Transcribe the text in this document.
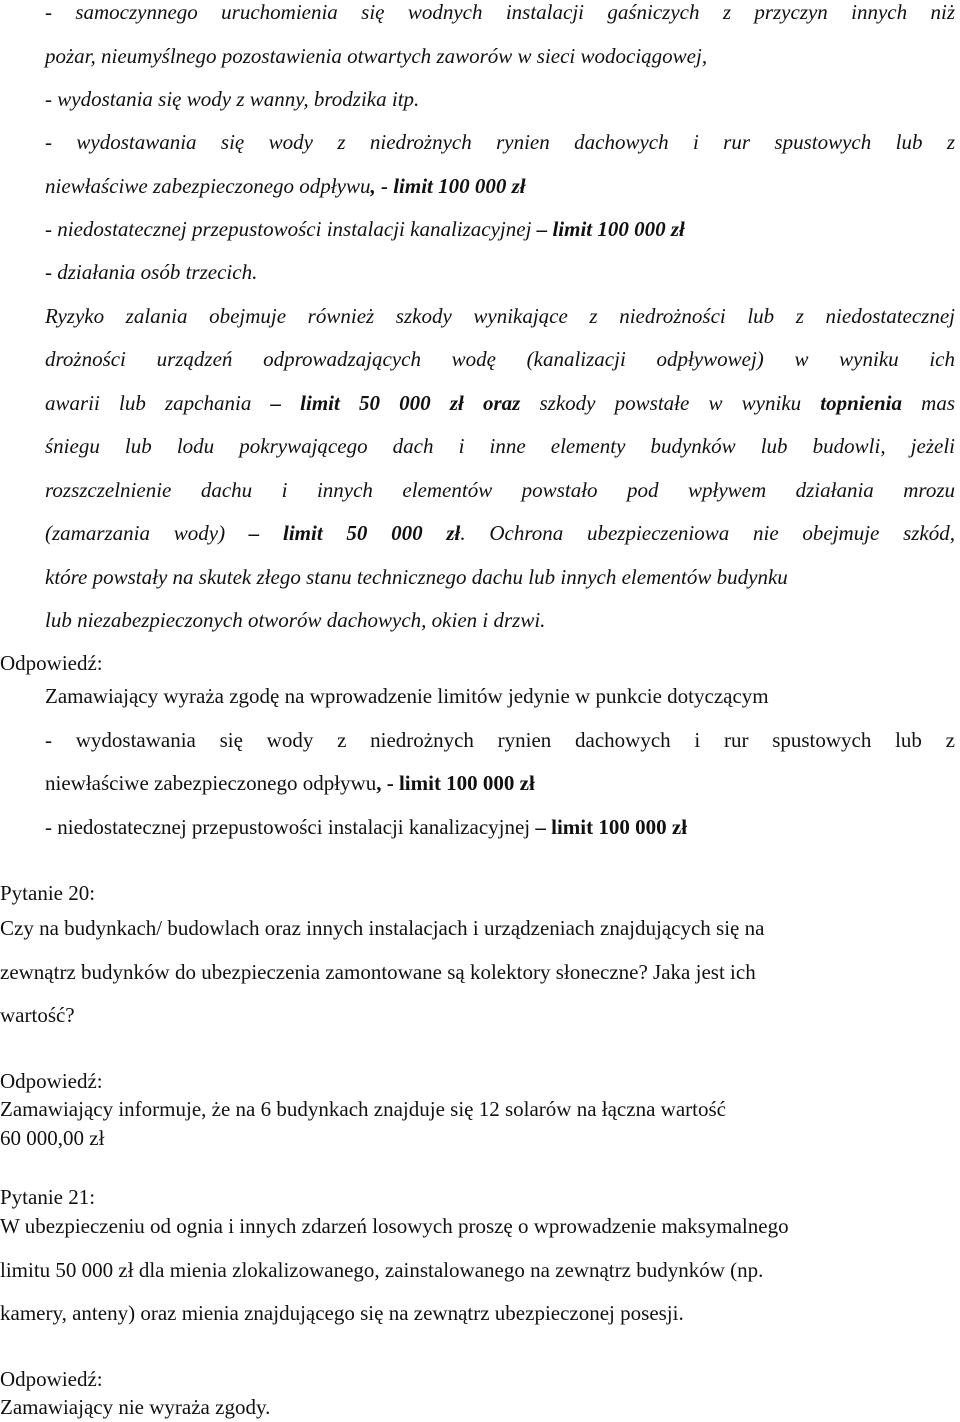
- samoczynnego uruchomienia się wodnych instalacji gaśniczych z przyczyn innych niż
pożar, nieumyślnego pozostawienia otwartych zaworów w sieci wodociągowej,
- wydostania się wody z wanny, brodzika itp.
- wydostawania się wody z niedrożnych rynien dachowych i rur spustowych lub z
niewłaściwe zabezpieczonego odpływu, - limit 100 000 zł
- niedostatecznej przepustowości instalacji kanalizacyjnej – limit 100 000 zł
- działania osób trzecich.
Ryzyko zalania obejmuje również szkody wynikające z niedrożności lub z niedostatecznej
drożności urządzeń odprowadzających wodę (kanalizacji odpływowej) w wyniku ich
awarii lub zapchania – limit 50 000 zł oraz szkody powstałe w wyniku topnienia mas
śniegu lub lodu pokrywającego dach i inne elementy budynków lub budowli, jeżeli
rozszczelnienie dachu i innych elementów powstało pod wpływem działania mrozu
(zamarzania wody) – limit 50 000 zł. Ochrona ubezpieczeniowa nie obejmuje szkód,
które powstały na skutek złego stanu technicznego dachu lub innych elementów budynku
lub niezabezpieczonych otworów dachowych, okien i drzwi.
Odpowiedź:
Zamawiający wyraża zgodę na wprowadzenie limitów jedynie w punkcie dotyczącym
- wydostawania się wody z niedrożnych rynien dachowych i rur spustowych lub z
niewłaściwe zabezpieczonego odpływu, - limit 100 000 zł
- niedostatecznej przepustowości instalacji kanalizacyjnej – limit 100 000 zł
Pytanie 20:
Czy na budynkach/ budowlach oraz innych instalacjach i urządzeniach znajdujących się na
zewnątrz budynków do ubezpieczenia zamontowane są kolektory słoneczne? Jaka jest ich
wartość?
Odpowiedź:
Zamawiający informuje, że na 6 budynkach znajduje się 12 solarów na łączna wartość
60 000,00 zł
Pytanie 21:
W ubezpieczeniu od ognia i innych zdarzeń losowych proszę o wprowadzenie maksymalnego
limitu 50 000 zł dla mienia zlokalizowanego, zainstalowanego na zewnątrz budynków (np.
kamery, anteny) oraz mienia znajdującego się na zewnątrz ubezpieczonej posesji.
Odpowiedź:
Zamawiający nie wyraża zgody.
